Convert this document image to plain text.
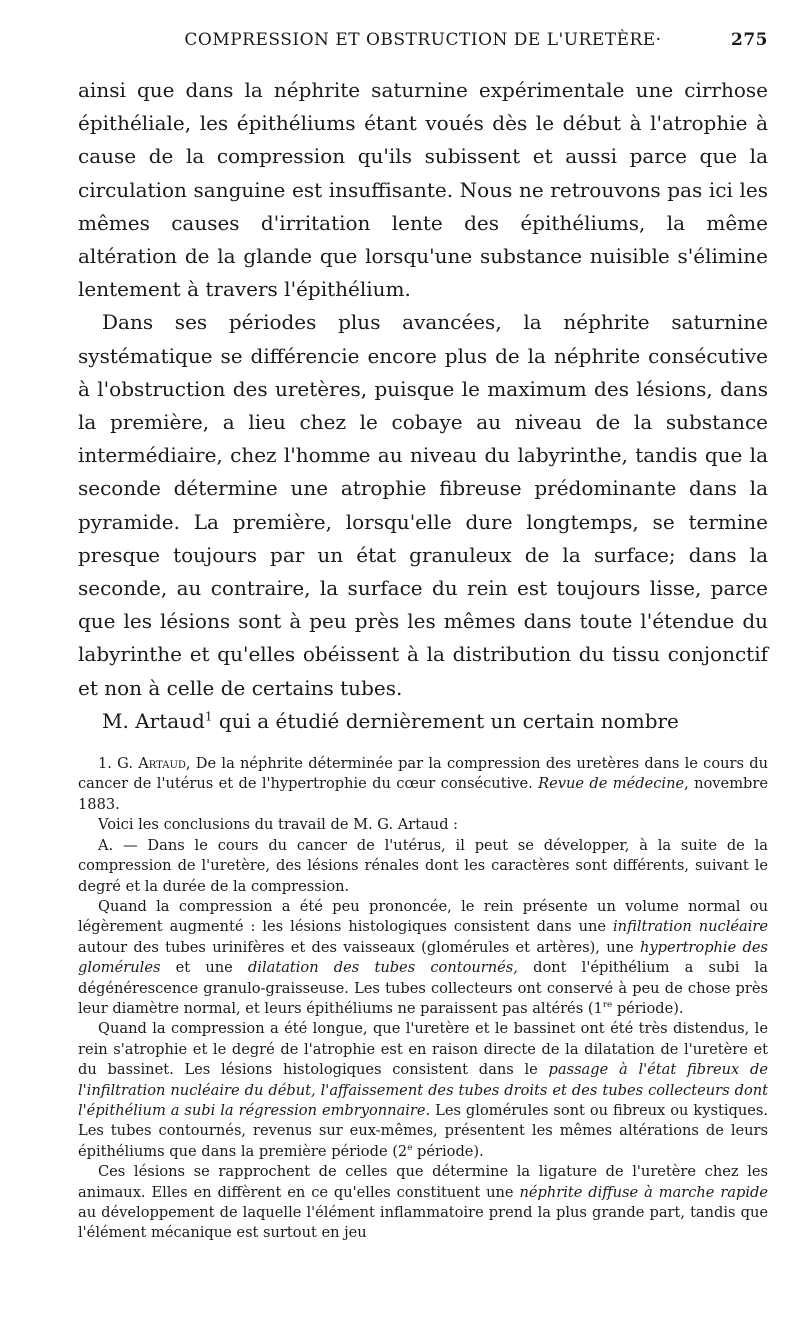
COMPRESSION ET OBSTRUCTION DE L'URETÈRE·	275

ainsi que dans la néphrite saturnine expérimentale une cirrhose épithéliale, les épithéliums étant voués dès le début à l'atrophie à cause de la compression qu'ils subissent et aussi parce que la circulation sanguine est insuffisante. Nous ne retrouvons pas ici les mêmes causes d'irritation lente des épithéliums, la même altération de la glande que lorsqu'une substance nuisible s'élimine lentement à travers l'épithélium.

Dans ses périodes plus avancées, la néphrite saturnine systématique se différencie encore plus de la néphrite consécutive à l'obstruction des uretères, puisque le maximum des lésions, dans la première, a lieu chez le cobaye au niveau de la substance intermédiaire, chez l'homme au niveau du labyrinthe, tandis que la seconde détermine une atrophie fibreuse prédominante dans la pyramide. La première, lorsqu'elle dure longtemps, se termine presque toujours par un état granuleux de la surface; dans la seconde, au contraire, la surface du rein est toujours lisse, parce que les lésions sont à peu près les mêmes dans toute l'étendue du labyrinthe et qu'elles obéissent à la distribution du tissu conjonctif et non à celle de certains tubes.

M. Artaud$^1$ qui a étudié dernièrement un certain nombre

1. G. Artaud, De la néphrite déterminée par la compression des uretères dans le cours du cancer de l'utérus et de l'hypertrophie du cœur consécutive. Revue de médecine, novembre 1883.

Voici les conclusions du travail de M. G. Artaud :

A. — Dans le cours du cancer de l'utérus, il peut se développer, à la suite de la compression de l'uretère, des lésions rénales dont les caractères sont différents, suivant le degré et la durée de la compression.

Quand la compression a été peu prononcée, le rein présente un volume normal ou légèrement augmenté : les lésions histologiques consistent dans une infiltration nucléaire autour des tubes urinifères et des vaisseaux (glomérules et artères), une hypertrophie des glomérules et une dilatation des tubes contournés, dont l'épithélium a subi la dégénérescence granulo-graisseuse. Les tubes collecteurs ont conservé à peu de chose près leur diamètre normal, et leurs épithéliums ne paraissent pas altérés (1re période).

Quand la compression a été longue, que l'uretère et le bassinet ont été très distendus, le rein s'atrophie et le degré de l'atrophie est en raison directe de la dilatation de l'uretère et du bassinet. Les lésions histologiques consistent dans le passage à l'état fibreux de l'infiltration nucléaire du début, l'affaissement des tubes droits et des tubes collecteurs dont l'épithélium a subi la régression embryonnaire. Les glomérules sont ou fibreux ou kystiques. Les tubes contournés, revenus sur eux-mêmes, présentent les mêmes altérations de leurs épithéliums que dans la première période (2e période).

Ces lésions se rapprochent de celles que détermine la ligature de l'uretère chez les animaux. Elles en diffèrent en ce qu'elles constituent une néphrite diffuse à marche rapide au développement de laquelle l'élément inflammatoire prend la plus grande part, tandis que l'élément mécanique est surtout en jeu
